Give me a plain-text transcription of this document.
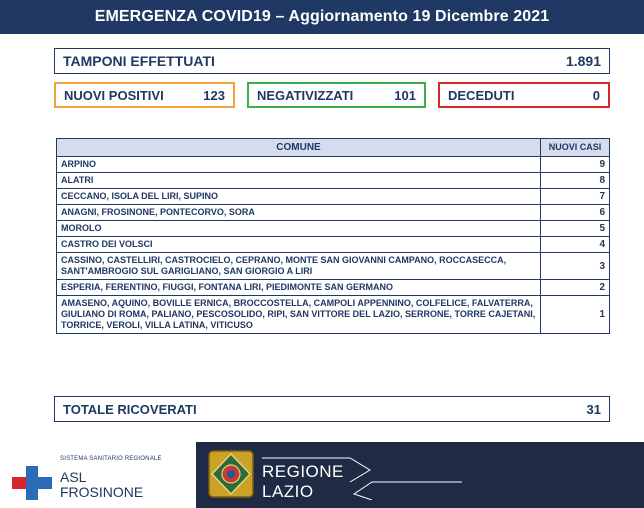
EMERGENZA COVID19 – Aggiornamento 19 Dicembre 2021
TAMPONI EFFETTUATI	1.891
NUOVI POSITIVI	123 NEGATIVIZZATI	101 DECEDUTI	0
COMUNE	NUOVI CASI
ARPINO	9
ALATRI	8
CECCANO, ISOLA DEL LIRI, SUPINO	7
ANAGNI, FROSINONE, PONTECORVO, SORA	6
MOROLO	5
CASTRO DEI VOLSCI	4
CASSINO, CASTELLIRI, CASTROCIELO, CEPRANO, MONTE SAN GIOVANNI CAMPANO, ROCCASECCA, SANT'AMBROGIO SUL GARIGLIANO, SAN GIORGIO A LIRI	3
ESPERIA, FERENTINO, FIUGGI, FONTANA LIRI, PIEDIMONTE SAN GERMANO	2
AMASENO, AQUINO, BOVILLE ERNICA, BROCCOSTELLA, CAMPOLI APPENNINO, COLFELICE, FALVATERRA, GIULIANO DI ROMA, PALIANO, PESCOSOLIDO, RIPI, SAN VITTORE DEL LAZIO, SERRONE, TORRE CAJETANI, TORRICE, VEROLI, VILLA LATINA, VITICUSO	1
TOTALE RICOVERATI	31
SISTEMA SANITARIO REGIONALE
ASL
FROSINONE
REGIONE
LAZIO
